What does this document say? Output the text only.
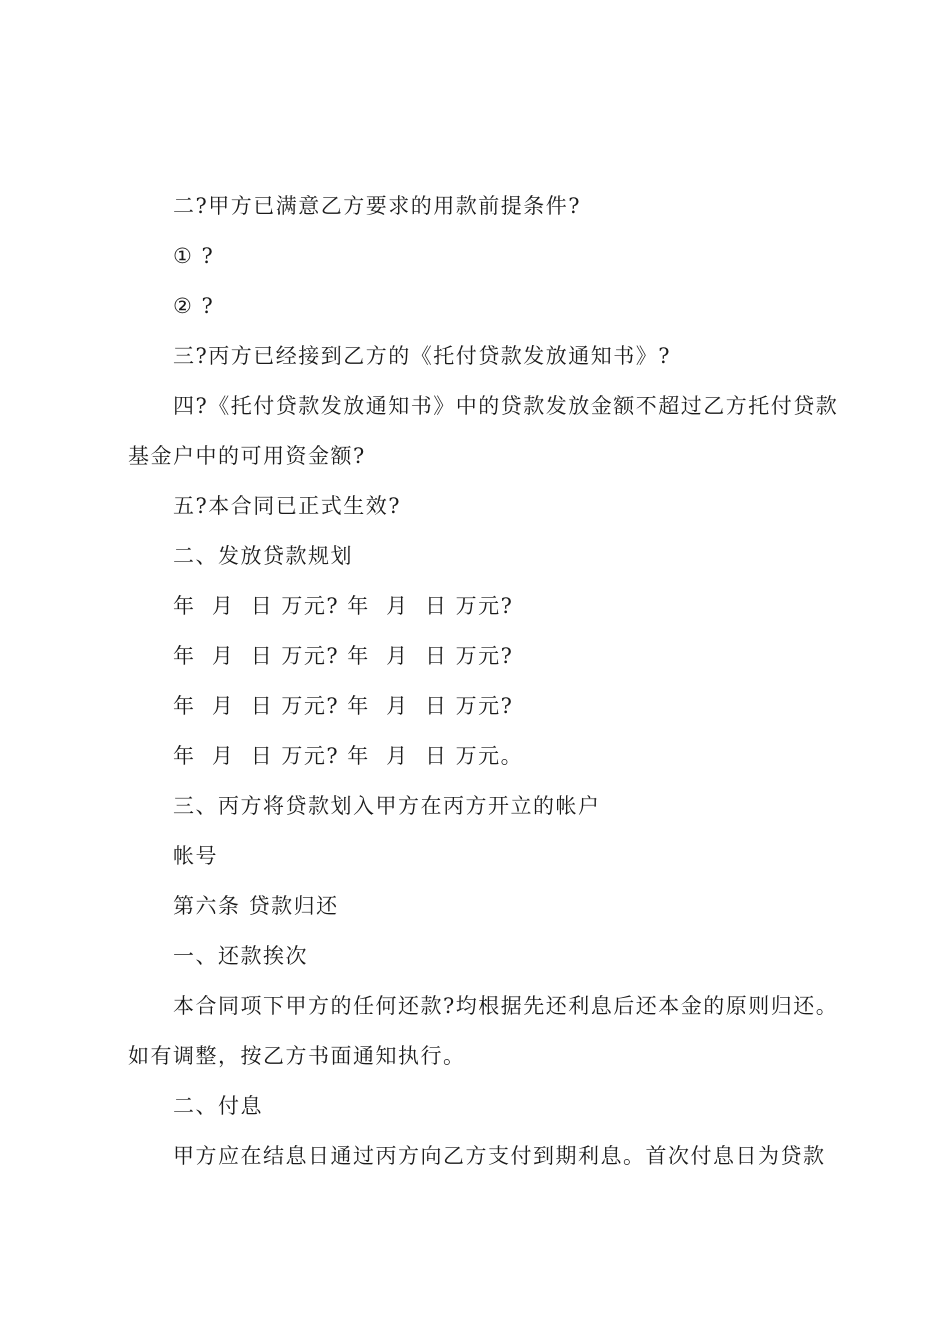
二?甲方已满意乙方要求的用款前提条件?
① ?
② ?
三?丙方已经接到乙方的《托付贷款发放通知书》?
四?《托付贷款发放通知书》中的贷款发放金额不超过乙方托付贷款
基金户中的可用资金额?
五?本合同已正式生效?
二、发放贷款规划
年  月  日 万元? 年  月  日 万元?
年  月  日 万元? 年  月  日 万元?
年  月  日 万元? 年  月  日 万元?
年  月  日 万元? 年  月  日 万元。
三、丙方将贷款划入甲方在丙方开立的帐户
帐号
第六条 贷款归还
一、还款挨次
本合同项下甲方的任何还款?均根据先还利息后还本金的原则归还。
如有调整，按乙方书面通知执行。
二、付息
甲方应在结息日通过丙方向乙方支付到期利息。首次付息日为贷款
